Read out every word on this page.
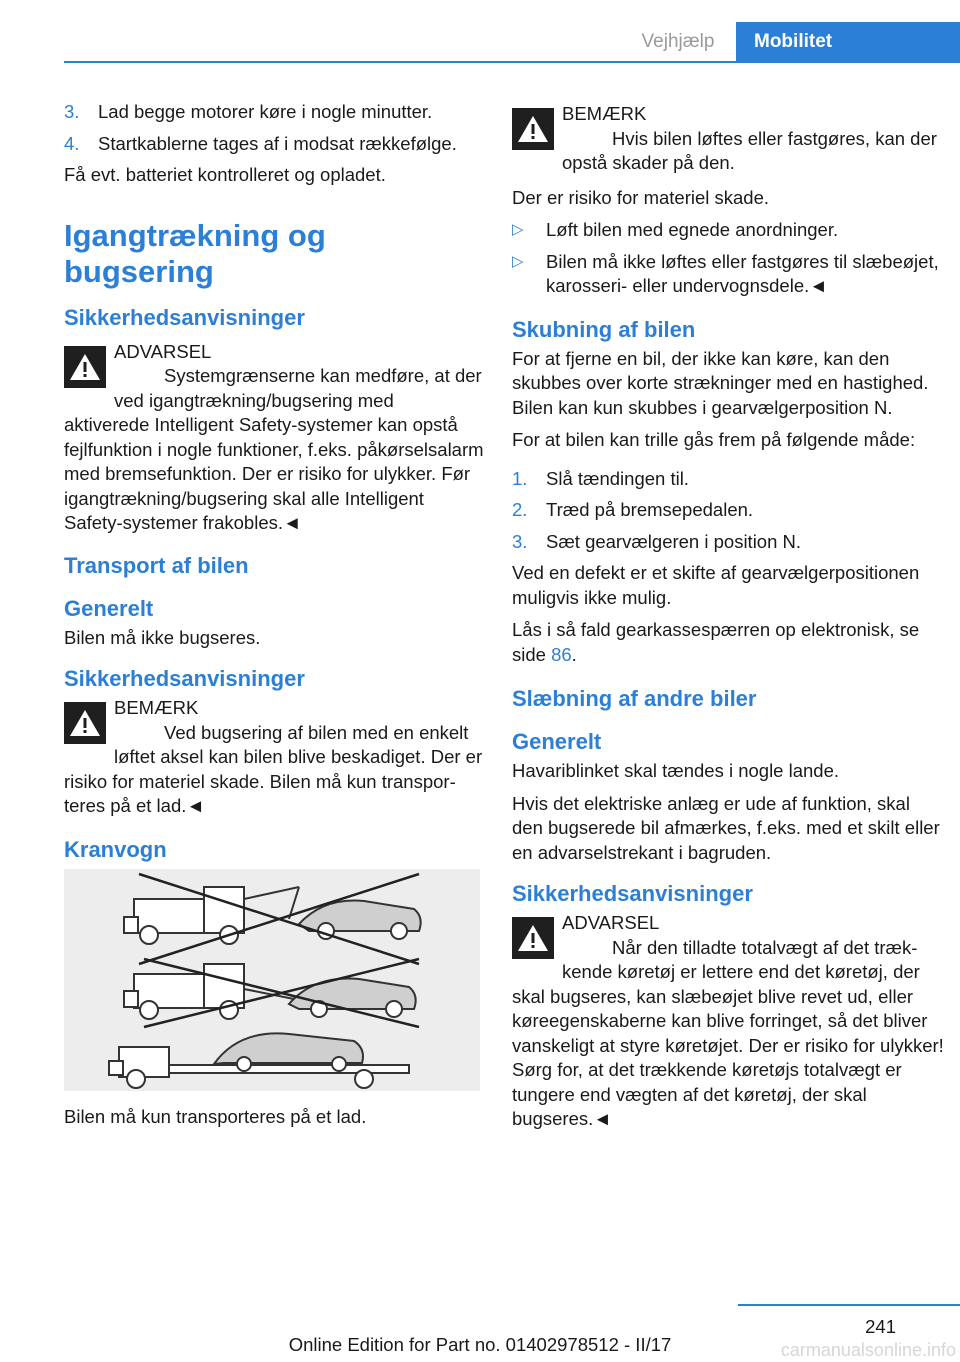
Vejhjælp	Mobilitet
3. Lad begge motorer køre i nogle minutter.
4. Startkablerne tages af i modsat rækkefølge.

Få evt. batteriet kontrolleret og opladet.

Igangtrækning og bugsering
Sikkerhedsanvisninger
ADVARSEL
Systemgrænserne kan medføre, at der ved igangtrækning/bugsering med aktiverede Intelligent Safety-systemer kan opstå fejlfunktion i nogle funktioner, f.eks. påkørselsalarm med bremsefunktion. Der er risiko for ulykker. Før igangtrækning/bugsering skal alle Intelligent Safety-systemer frakobles.◄
Transport af bilen
Generelt

Bilen må ikke bugseres.

Sikkerhedsanvisninger
BEMÆRK
Ved bugsering af bilen med en enkelt løftet aksel kan bilen blive beskadiget. Der er risiko for materiel skade. Bilen må kun transporteres på et lad.◄
Kranvogn
Bilen må kun transporteres på et lad.
BEMÆRK
Hvis bilen løftes eller fastgøres, kan der opstå skader på den.

Der er risiko for materiel skade.

▷ Løft bilen med egnede anordninger.
▷ Bilen må ikke løftes eller fastgøres til slæbeøjet, karosseri- eller undervognsdele.◄
Skubning af bilen

For at fjerne en bil, der ikke kan køre, kan den skubbes over korte strækninger med en hastighed. Bilen kan kun skubbes i gearvælgerposition N.

For at bilen kan trille gås frem på følgende måde:

1. Slå tændingen til.
2. Træd på bremsepedalen.
3. Sæt gearvælgeren i position N.

Ved en defekt er et skifte af gearvælgerpositionen muligvis ikke mulig.

Lås i så fald gearkassespærren op elektronisk, se side 86.

Slæbning af andre biler
Generelt

Havariblinket skal tændes i nogle lande.

Hvis det elektriske anlæg er ude af funktion, skal den bugserede bil afmærkes, f.eks. med et skilt eller en advarselstrekant i bagruden.

Sikkerhedsanvisninger
ADVARSEL
Når den tilladte totalvægt af det trækkende køretøj er lettere end det køretøj, der skal bugseres, kan slæbeøjet blive revet ud, eller køreegenskaberne kan blive forringet, så det bliver vanskeligt at styre køretøjet. Der er risiko for ulykker! Sørg for, at det trækkende køretøjs totalvægt er tungere end vægten af det køretøj, der skal bugseres.◄
241
Online Edition for Part no. 01402978512 - II/17	carmanualsonline.info
